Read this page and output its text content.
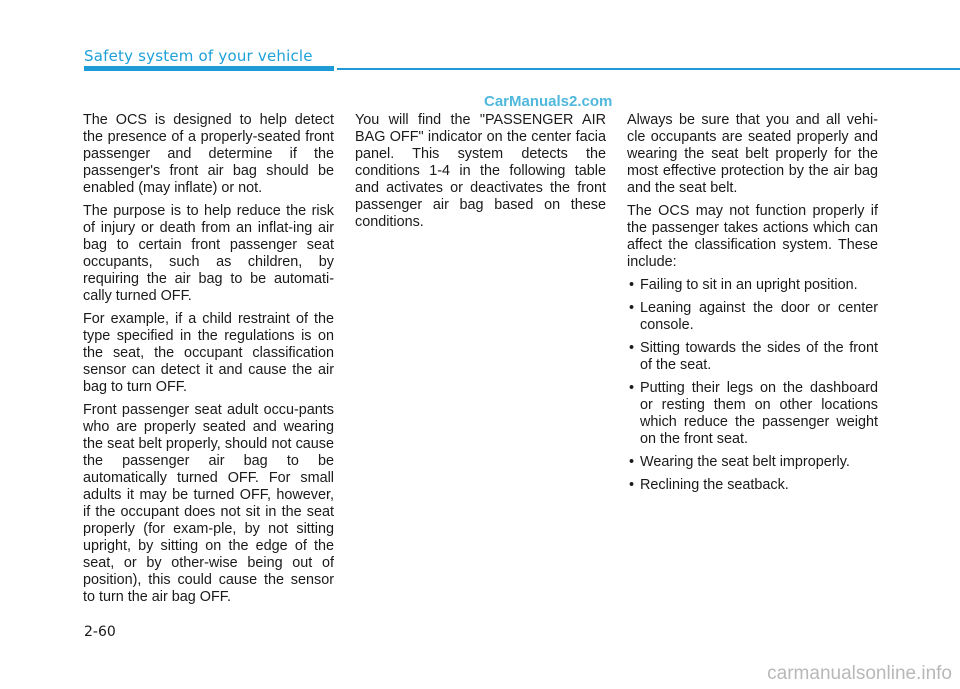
Safety system of your vehicle
CarManuals2.com

The OCS is designed to help detect the presence of a properly-seated front passenger and determine if the passenger's front air bag should be enabled (may inflate) or not.

The purpose is to help reduce the risk of injury or death from an inflat-ing air bag to certain front passenger seat occupants, such as children, by requiring the air bag to be automati-cally turned OFF.

For example, if a child restraint of the type specified in the regulations is on the seat, the occupant classification sensor can detect it and cause the air bag to turn OFF.

Front passenger seat adult occu-pants who are properly seated and wearing the seat belt properly, should not cause the passenger air bag to be automatically turned OFF. For small adults it may be turned OFF, however, if the occupant does not sit in the seat properly (for exam-ple, by not sitting upright, by sitting on the edge of the seat, or by other-wise being out of position), this could cause the sensor to turn the air bag OFF.

You will find the "PASSENGER AIR BAG OFF" indicator on the center facia panel. This system detects the conditions 1-4 in the following table and activates or deactivates the front passenger air bag based on these conditions.

Always be sure that you and all vehi-cle occupants are seated properly and wearing the seat belt properly for the most effective protection by the air bag and the seat belt.

The OCS may not function properly if the passenger takes actions which can affect the classification system. These include:

• Failing to sit in an upright position.
• Leaning against the door or center console.
• Sitting towards the sides of the front of the seat.
• Putting their legs on the dashboard or resting them on other locations which reduce the passenger weight on the front seat.
• Wearing the seat belt improperly.
• Reclining the seatback.
2-60
carmanualsonline.info
